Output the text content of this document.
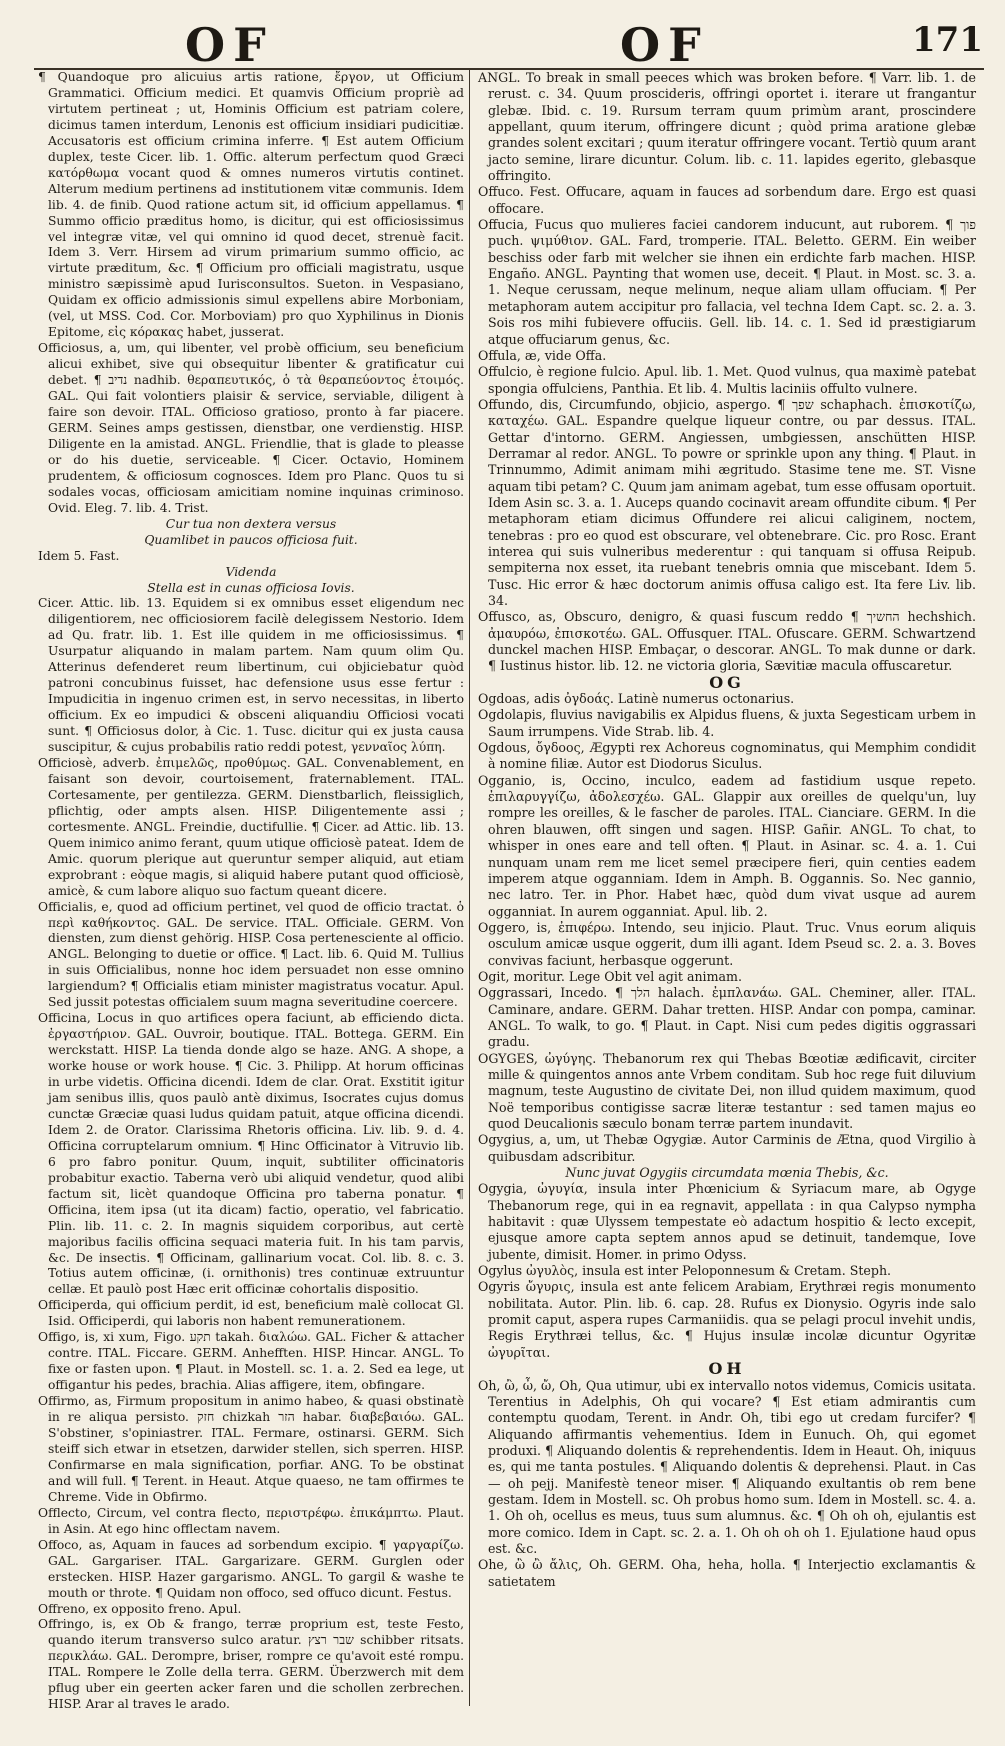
OF	OF	171

¶ Quandoque pro alicuius artis ratione, ἔργον, ut Officium Grammatici. Officium medici. Et quamvis Officium propriè ad virtutem pertineat ; ut, Hominis Officium est patriam colere, dicimus tamen interdum, Lenonis est officium insidiari pudicitiæ. Accusatoris est officium crimina inferre. ¶ Est autem Officium duplex, teste Cicer. lib. 1. Offic. alterum perfectum quod Græci κατόρθωμα vocant quod & omnes numeros virtutis continet. Alterum medium pertinens ad institutionem vitæ communis. Idem lib. 4. de finib. Quod ratione actum sit, id officium appellamus. ¶ Summo officio præditus homo, is dicitur, qui est officiosissimus vel integræ vitæ, vel qui omnino id quod decet, strenuè facit. Idem 3. Verr. Hirsem ad virum primarium summo officio, ac virtute præditum, &c. ¶ Officium pro officiali magistratu, usque ministro sæpissimè apud Iurisconsultos. Sueton. in Vespasiano, Quidam ex officio admissionis simul expellens abire Morboniam, (vel, ut MSS. Cod. Cor. Morboviam) pro quo Xyphilinus in Dionis Epitome, εἰς κόρακας habet, jusserat.

Officiosus, a, um, qui libenter, vel probè officium, seu beneficium alicui exhibet, sive qui obsequitur libenter & gratificatur cui debet. ¶ נדיב nadhib. θεραπευτικός, ὁ τὰ θεραπεύοντος ἑτοιμός. GAL. Qui fait volontiers plaisir & service, serviable, diligent à faire son devoir. ITAL. Officioso gratioso, pronto à far piacere. GERM. Seines amps gestissen, dienstbar, one verdienstig. HISP. Diligente en la amistad. ANGL. Friendlie, that is glade to pleasse or do his duetie, serviceable. ¶ Cicer. Octavio, Hominem prudentem, & officiosum cognosces. Idem pro Planc. Quos tu si sodales vocas, officiosam amicitiam nomine inquinas criminoso. Ovid. Eleg. 7. lib. 4. Trist.

Cur tua non dextera versus

Quamlibet in paucos officiosa fuit.

Idem 5. Fast.

Videnda

Stella est in cunas officiosa Iovis.

Cicer. Attic. lib. 13. Equidem si ex omnibus esset eligendum nec diligentiorem, nec officiosiorem facilè delegissem Nestorio. Idem ad Qu. fratr. lib. 1. Est ille quidem in me officiosissimus. ¶ Usurpatur aliquando in malam partem. Nam quum olim Qu. Atterinus defenderet reum libertinum, cui objiciebatur quòd patroni concubinus fuisset, hac defensione usus esse fertur : Impudicitia in ingenuo crimen est, in servo necessitas, in liberto officium. Ex eo impudici & obsceni aliquandiu Officiosi vocati sunt. ¶ Officiosus dolor, à Cic. 1. Tusc. dicitur qui ex justa causa suscipitur, & cujus probabilis ratio reddi potest, γενναῖος λύπη.

Officiosè, adverb. ἐπιμελῶς, προθύμως. GAL. Convenablement, en faisant son devoir, courtoisement, fraternablement. ITAL. Cortesamente, per gentilezza. GERM. Dienstbarlich, fleissiglich, pflichtig, oder ampts alsen. HISP. Diligentemente assi ; cortesmente. ANGL. Freindie, ductifullie. ¶ Cicer. ad Attic. lib. 13. Quem inimico animo ferant, quum utique officiosè pateat. Idem de Amic. quorum plerique aut queruntur semper aliquid, aut etiam exprobrant : eòque magis, si aliquid habere putant quod officiosè, amicè, & cum labore aliquo suo factum queant dicere.

Officialis, e, quod ad officium pertinet, vel quod de officio tractat. ὁ περὶ καθήκοντος. GAL. De service. ITAL. Officiale. GERM. Von diensten, zum dienst gehörig. HISP. Cosa pertenesciente al officio. ANGL. Belonging to duetie or office. ¶ Lact. lib. 6. Quid M. Tullius in suis Officialibus, nonne hoc idem persuadet non esse omnino largiendum? ¶ Officialis etiam minister magistratus vocatur. Apul. Sed jussit potestas officialem suum magna severitudine coercere.

Officina, Locus in quo artifices opera faciunt, ab efficiendo dicta. ἐργαστήριον. GAL. Ouvroir, boutique. ITAL. Bottega. GERM. Ein werckstatt. HISP. La tienda donde algo se haze. ANG. A shope, a worke house or work house. ¶ Cic. 3. Philipp. At horum officinas in urbe videtis. Officina dicendi. Idem de clar. Orat. Exstitit igitur jam senibus illis, quos paulò antè diximus, Isocrates cujus domus cunctæ Græciæ quasi ludus quidam patuit, atque officina dicendi. Idem 2. de Orator. Clarissima Rhetoris officina. Liv. lib. 9. d. 4. Officina corruptelarum omnium. ¶ Hinc Officinator à Vitruvio lib. 6 pro fabro ponitur. Quum, inquit, subtiliter officinatoris probabitur exactio. Taberna verò ubi aliquid vendetur, quod alibi factum sit, licèt quandoque Officina pro taberna ponatur. ¶ Officina, item ipsa (ut ita dicam) factio, operatio, vel fabricatio. Plin. lib. 11. c. 2. In magnis siquidem corporibus, aut certè majoribus facilis officina sequaci materia fuit. In his tam parvis, &c. De insectis. ¶ Officinam, gallinarium vocat. Col. lib. 8. c. 3. Totius autem officinæ, (i. ornithonis) tres continuæ extruuntur cellæ. Et paulò post Hæc erit officinæ cohortalis dispositio.

Officiperda, qui officium perdit, id est, beneficium malè collocat Gl. Isid. Officiperdi, qui laboris non habent remunerationem.

Offigo, is, xi xum, Figo. תקע takah. διαλώω. GAL. Ficher & attacher contre. ITAL. Ficcare. GERM. Anhefften. HISP. Hincar. ANGL. To fixe or fasten upon. ¶ Plaut. in Mostell. sc. 1. a. 2. Sed ea lege, ut offigantur his pedes, brachia. Alias affigere, item, obfingare.

Offirmo, as, Firmum propositum in animo habeo, & quasi obstinatè in re aliqua persisto. חזק chizkah הזר habar. διαβεβαιόω. GAL. S'obstiner, s'opiniastrer. ITAL. Fermare, ostinarsi. GERM. Sich steiff sich etwar in etsetzen, darwider stellen, sich sperren. HISP. Confirmarse en mala signification, porfiar. ANG. To be obstinat and will full. ¶ Terent. in Heaut. Atque quaeso, ne tam offirmes te Chreme. Vide in Obfirmo.

Offlecto, Circum, vel contra flecto, περιστρέφω. ἐπικάμπτω. Plaut. in Asin. At ego hinc offlectam navem.

Offoco, as, Aquam in fauces ad sorbendum excipio. ¶ γαργαρίζω. GAL. Gargariser. ITAL. Gargarizare. GERM. Gurglen oder erstecken. HISP. Hazer gargarismo. ANGL. To gargil & washe te mouth or throte. ¶ Quidam non offoco, sed offuco dicunt. Festus.

Offreno, ex opposito freno. Apul.

Offringo, is, ex Ob & frango, terræ proprium est, teste Festo, quando iterum transverso sulco aratur. שבר רצץ schibber ritsats. περικλάω. GAL. Derompre, briser, rompre ce qu'avoit esté rompu. ITAL. Rompere le Zolle della terra. GERM. Überzwerch mit dem pflug uber ein geerten acker faren und die schollen zerbrechen. HISP. Arar al traves le arado.

ANGL. To break in small peeces which was broken before. ¶ Varr. lib. 1. de rerust. c. 34. Quum proscideris, offringi oportet i. iterare ut frangantur glebæ. Ibid. c. 19. Rursum terram quum primùm arant, proscindere appellant, quum iterum, offringere dicunt ; quòd prima aratione glebæ grandes solent excitari ; quum iteratur offringere vocant. Tertiò quum arant jacto semine, lirare dicuntur. Colum. lib. c. 11. lapides egerito, glebasque offringito.

Offuco. Fest. Offucare, aquam in fauces ad sorbendum dare. Ergo est quasi offocare.

Offucia, Fucus quo mulieres faciei candorem inducunt, aut ruborem. ¶ פוך puch. ψιμύθιον. GAL. Fard, tromperie. ITAL. Beletto. GERM. Ein weiber beschiss oder farb mit welcher sie ihnen ein erdichte farb machen. HISP. Engaño. ANGL. Paynting that women use, deceit. ¶ Plaut. in Most. sc. 3. a. 1. Neque cerussam, neque melinum, neque aliam ullam offuciam. ¶ Per metaphoram autem accipitur pro fallacia, vel techna Idem Capt. sc. 2. a. 3. Sois ros mihi fubievere offuciis. Gell. lib. 14. c. 1. Sed id præstigiarum atque offuciarum genus, &c.

Offula, æ, vide Offa.

Offulcio, è regione fulcio. Apul. lib. 1. Met. Quod vulnus, qua maximè patebat spongia offulciens, Panthia. Et lib. 4. Multis laciniis offulto vulnere.

Offundo, dis, Circumfundo, objicio, aspergo. ¶ שפך schaphach. ἐπισκοτίζω, καταχέω. GAL. Espandre quelque liqueur contre, ou par dessus. ITAL. Gettar d'intorno. GERM. Angiessen, umbgiessen, anschütten HISP. Derramar al redor. ANGL. To powre or sprinkle upon any thing. ¶ Plaut. in Trinnummo, Adimit animam mihi ægritudo. Stasime tene me. ST. Visne aquam tibi petam? C. Quum jam animam agebat, tum esse offusam oportuit. Idem Asin sc. 3. a. 1. Auceps quando cocinavit aream offundite cibum. ¶ Per metaphoram etiam dicimus Offundere rei alicui caliginem, noctem, tenebras : pro eo quod est obscurare, vel obtenebrare. Cic. pro Rosc. Erant interea qui suis vulneribus mederentur : qui tanquam si offusa Reipub. sempiterna nox esset, ita ruebant tenebris omnia que miscebant. Idem 5. Tusc. Hic error & hæc doctorum animis offusa caligo est. Ita fere Liv. lib. 34.

Offusco, as, Obscuro, denigro, & quasi fuscum reddo ¶ החשיך hechshich. ἀμαυρόω, ἐπισκοτέω. GAL. Offusquer. ITAL. Ofuscare. GERM. Schwartzend dunckel machen HISP. Embaçar, o descorar. ANGL. To mak dunne or dark. ¶ Iustinus histor. lib. 12. ne victoria gloria, Sævitiæ macula offuscaretur.

OG

Ogdoas, adis ὀγδοάς. Latinè numerus octonarius.

Ogdolapis, fluvius navigabilis ex Alpidus fluens, & juxta Segesticam urbem in Saum irrumpens. Vide Strab. lib. 4.

Ogdous, ὄγδοος, Ægypti rex Achoreus cognominatus, qui Memphim condidit à nomine filiæ. Autor est Diodorus Siculus.

Ogganio, is, Occino, inculco, eadem ad fastidium usque repeto. ἐπιλαρυγγίζω, ἀδολεσχέω. GAL. Glappir aux oreilles de quelqu'un, luy rompre les oreilles, & le fascher de paroles. ITAL. Cianciare. GERM. In die ohren blauwen, offt singen und sagen. HISP. Gañir. ANGL. To chat, to whisper in ones eare and tell often. ¶ Plaut. in Asinar. sc. 4. a. 1. Cui nunquam unam rem me licet semel præcipere fieri, quin centies eadem imperem atque ogganniam. Idem in Amph. B. Oggannis. So. Nec gannio, nec latro. Ter. in Phor. Habet hæc, quòd dum vivat usque ad aurem ogganniat. In aurem ogganniat. Apul. lib. 2.

Oggero, is, ἐπιφέρω. Intendo, seu injicio. Plaut. Truc. Vnus eorum aliquis osculum amicæ usque oggerit, dum illi agant. Idem Pseud sc. 2. a. 3. Boves convivas faciunt, herbasque oggerunt.

Ogit, moritur. Lege Obit vel agit animam.

Oggrassari, Incedo. ¶ הלך halach. ἐμπλανάω. GAL. Cheminer, aller. ITAL. Caminare, andare. GERM. Dahar tretten. HISP. Andar con pompa, caminar. ANGL. To walk, to go. ¶ Plaut. in Capt. Nisi cum pedes digitis oggrassari gradu.

OGYGES, ὠγύγης. Thebanorum rex qui Thebas Bœotiæ ædificavit, circiter mille & quingentos annos ante Vrbem conditam. Sub hoc rege fuit diluvium magnum, teste Augustino de civitate Dei, non illud quidem maximum, quod Noë temporibus contigisse sacræ literæ testantur : sed tamen majus eo quod Deucalionis sæculo bonam terræ partem inundavit.

Ogygius, a, um, ut Thebæ Ogygiæ. Autor Carminis de Ætna, quod Virgilio à quibusdam adscribitur.

Nunc juvat Ogygiis circumdata mœnia Thebis, &c.

Ogygia, ὠγυγία, insula inter Phœnicium & Syriacum mare, ab Ogyge Thebanorum rege, qui in ea regnavit, appellata : in qua Calypso nympha habitavit : quæ Ulyssem tempestate eò adactum hospitio & lecto excepit, ejusque amore capta septem annos apud se detinuit, tandemque, Iove jubente, dimisit. Homer. in primo Odyss.

Ogylus ὠγυλὸς, insula est inter Peloponnesum & Cretam. Steph.

Ogyris ὤγυρις, insula est ante felicem Arabiam, Erythræi regis monumento nobilitata. Autor. Plin. lib. 6. cap. 28. Rufus ex Dionysio. Ogyris inde salo promit caput, aspera rupes Carmaniidis. qua se pelagi procul invehit undis, Regis Erythræi tellus, &c. ¶ Hujus insulæ incolæ dicuntur Ogyritæ ὠγυρῖται.

OH

Oh, ὢ, ὦ, ὤ, Oh, Qua utimur, ubi ex intervallo notos videmus, Comicis usitata. Terentius in Adelphis, Oh qui vocare? ¶ Est etiam admirantis cum contemptu quodam, Terent. in Andr. Oh, tibi ego ut credam furcifer? ¶ Aliquando affirmantis vehementius. Idem in Eunuch. Oh, qui egomet produxi. ¶ Aliquando dolentis & reprehendentis. Idem in Heaut. Oh, iniquus es, qui me tanta postules. ¶ Aliquando dolentis & deprehensi. Plaut. in Cas — oh pejj. Manifestè teneor miser. ¶ Aliquando exultantis ob rem bene gestam. Idem in Mostell. sc. Oh probus homo sum. Idem in Mostell. sc. 4. a. 1. Oh oh, ocellus es meus, tuus sum alumnus. &c. ¶ Oh oh oh, ejulantis est more comico. Idem in Capt. sc. 2. a. 1. Oh oh oh oh 1. Ejulatione haud opus est. &c.

Ohe, ὢ ὢ ἄλις, Oh. GERM. Oha, heha, holla. ¶ Interjectio exclamantis & satietatem
